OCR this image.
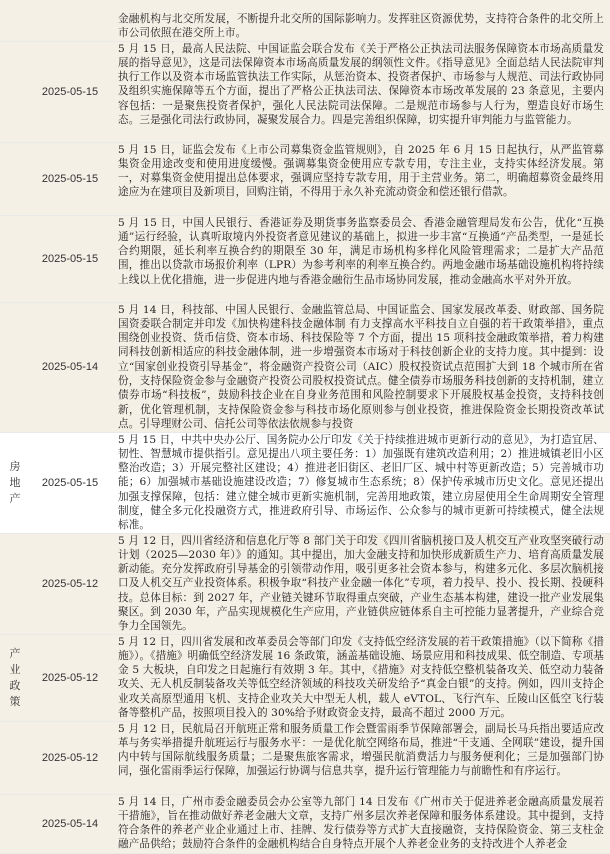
		金融机构与北交所发展，不断提升北交所的国际影响力。发挥驻区资源优势，支持符合条件的北交所上市公司依照在港交所上市。

	2025-05-15	5 月 15 日，最高人民法院、中国证监会联合发布《关于严格公正执法司法服务保障资本市场高质量发展的指导意见》，这是司法保障资本市场高质量发展的纲领性文件。《指导意见》全面总结人民法院审判执行工作以及资本市场监管执法工作实际，从惩治资本、投资者保护、市场参与人规范、司法行政协同及组织实施保障等五个方面，提出了严格公正执法司法、保障资本市场改革发展的 23 条意见，主要内容包括：一是聚焦投资者保护，强化人民法院司法保障。二是规范市场参与人行为，塑造良好市场生态。三是强化司法行政协同，凝聚发展合力。四是完善组织保障，切实提升审判能力与监管能力。

	2025-05-15	5 月 15 日，证监会发布《上市公司募集资金监管规则》，自 2025 年 6 月 15 日起执行，从严监管募集资金用途改变和使用进度缓慢。强调募集资金使用应专款专用，专注主业，支持实体经济发展。第一，对募集资金使用提出总体要求，强调应坚持专款专用，用于主营业务。第二，明确超募资金最终用途应为在建项目及新项目，回购注销，不得用于永久补充流动资金和偿还银行借款。

	2025-05-15	5 月 15 日，中国人民银行、香港证券及期货事务监察委员会、香港金融管理局发布公告，优化“互换通”运行经验，认真听取境内外投资者意见建议的基础上，拟进一步丰富“互换通”产品类型，一是延长合约期限，延长利率互换合约的期限至 30 年，满足市场机构多样化风险管理需求；二是扩大产品范围，推出以贷款市场报价利率（LPR）为参考利率的利率互换合约。两地金融市场基础设施机构将持续上线以上优化措施，进一步促进内地与香港金融衍生品市场协同发展，推动金融高水平对外开放。

	2025-05-14	5 月 14 日，科技部、中国人民银行、金融监管总局、中国证监会、国家发展改革委、财政部、国务院国资委联合制定并印发《加快构建科技金融体制 有力支撑高水平科技自立自强的若干政策举措》，重点围绕创业投资、货币信贷、资本市场、科技保险等 7 个方面，提出 15 项科技金融政策举措，着力构建同科技创新相适应的科技金融体制，进一步增强资本市场对于科技创新企业的支持力度。其中提到：设立“国家创业投资引导基金”，将金融资产投资公司（AIC）股权投资试点范围扩大到 18 个城市所在省份，支持保险资金参与金融资产投资公司股权投资试点。健全债券市场服务科技创新的支持机制，建立债券市场“科技板”，鼓励科技企业在自身业务范围和风险控制要求下开展股权基金投资，支持科技创新，优化管理机制，支持保险资金参与科技市场化原则参与创业投资，推进保险资金长期投资改革试点。引导理财公司、信托公司等依法依规参与投资

房地产	2025-05-15	5 月 15 日，中共中央办公厅、国务院办公厅印发《关于持续推进城市更新行动的意见》，为打造宜居、韧性、智慧城市提供指引。意见提出八项主要任务：1）加强既有建筑改造利用；2）推进城镇老旧小区整治改造；3）开展完整社区建设；4）推进老旧街区、老旧厂区、城中村等更新改造；5）完善城市功能；6）加强城市基础设施建设改造；7）修复城市生态系统；8）保护传承城市历史文化。意见还提出加强支撑保障，包括：建立健全城市更新实施机制，完善用地政策，建立房屋使用全生命周期安全管理制度，健全多元化投融资方式，推进政府引导、市场运作、公众参与的城市更新可持续模式，健全法规标准。

	2025-05-12	5 月 12 日，四川省经济和信息化厅等 8 部门关于印发《四川省脑机接口及人机交互产业攻坚突破行动计划（2025—2030 年）》的通知。其中提出，加大金融支持和加快形成新质生产力、培育高质量发展新动能。充分发挥政府引导基金的引领带动作用，吸引更多社会资本参与，构建多元化、多层次脑机接口及人机交互产业投资体系。积极争取“科技产业金融一体化”专项，着力投早、投小、投长期、投硬科技。总体目标：到 2027 年，产业链关键环节取得重点突破，产业生态基本构建，建设一批产业发展集聚区。到 2030 年，产品实现规模化生产应用，产业链供应链体系自主可控能力显著提升，产业综合竞争力全国领先。

产业政策	2025-05-12	5 月 12 日，四川省发展和改革委员会等部门印发《支持低空经济发展的若干政策措施》（以下简称《措施》）。《措施》明确低空经济发展 16 条政策，涵盖基础设施、场景应用和科技成果、低空制造、专项基金 5 大板块，自印发之日起施行有效期 3 年。其中，《措施》对支持低空整机装备攻关、低空动力装备攻关、无人机反制装备攻关等低空经济领域的科技攻关研发给予“真金白银”的支持。例如，四川支持企业攻关高原型通用飞机、支持企业攻关大中型无人机，载人 eVTOL、飞行汽车、丘陵山区低空飞行装备等整机产品，按照项目投入的 30%给予财政资金支持，最高不超过 2000 万元。

	2025-05-12	5 月 12 日，民航局召开航班正常和服务质量工作会暨雷雨季节保障部署会，副局长马兵指出要适应改革与务实举措提升航班运行与服务水平：一是优化航空网络布局，推进“干支通、全网联”建设，提升国内中转与国际航线服务质量；二是聚焦旅客需求，增强民航消费活力与服务便利化；三是加强部门协同，强化雷雨季运行保障，加强运行协调与信息共享，提升运行管理能力与前瞻性和有序运行。

	2025-05-14	5 月 14 日，广州市委金融委员会办公室等九部门 14 日发布《广州市关于促进养老金融高质量发展若干措施》，旨在推动做好养老金融大文章，支持广州多层次养老保障和服务体系建设。其中提到，支持符合条件的养老产业企业通过上市、挂牌、发行债券等方式扩大直接融资，支持保险资金、第三支柱金融产品供给；鼓励符合条件的金融机构结合自身特点开展个人养老金业务的支持改进个人养老金
